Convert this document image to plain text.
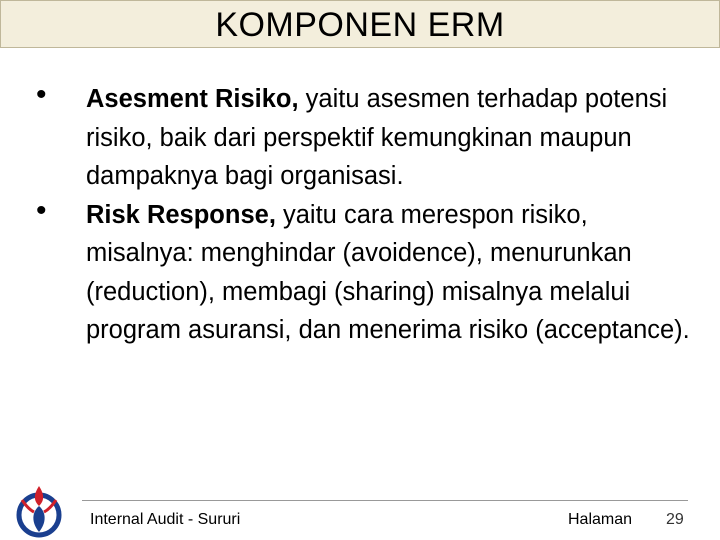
KOMPONEN ERM
• Asesment Risiko, yaitu asesmen terhadap potensi risiko, baik dari perspektif kemungkinan maupun dampaknya bagi organisasi.
• Risk Response, yaitu cara merespon risiko, misalnya: menghindar (avoidence), menurunkan (reduction), membagi (sharing) misalnya melalui program asuransi, dan menerima risiko (acceptance).
Internal Audit - Sururi	Halaman 29
